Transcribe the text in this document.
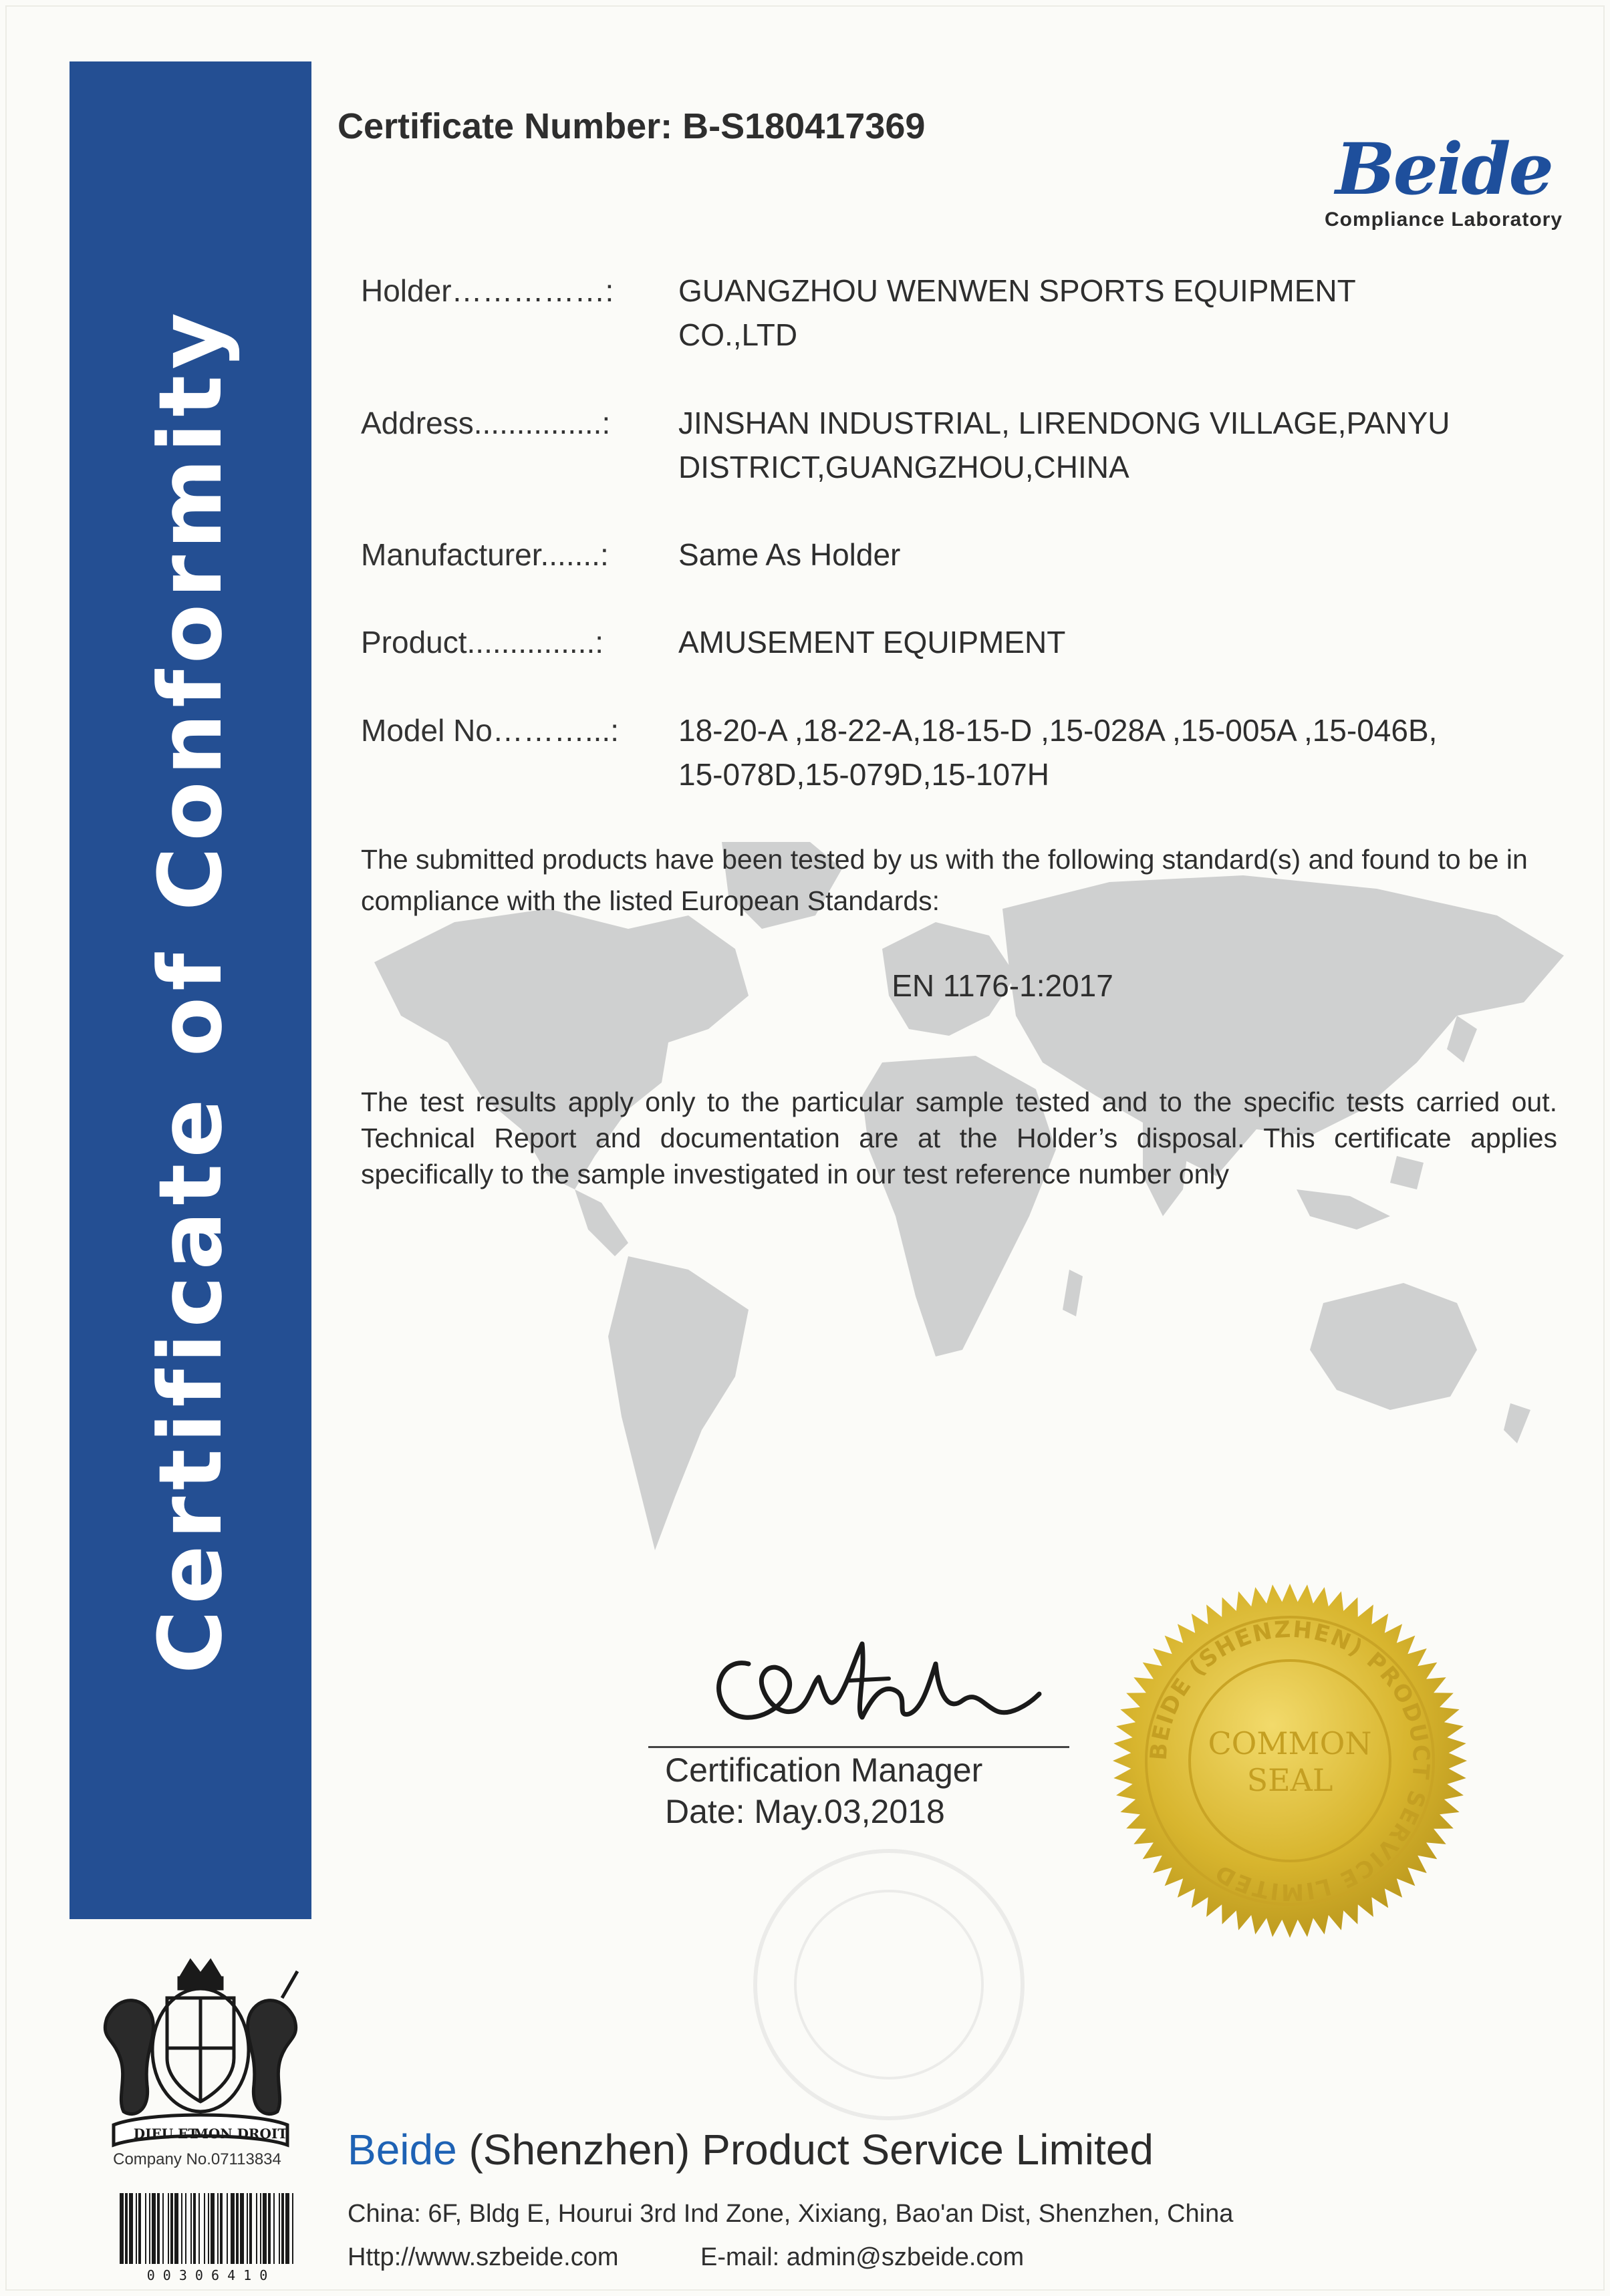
Certificate of Conformity
Certificate Number: B-S180417369
Beide
Compliance Laboratory
Holder……………:	GUANGZHOU WENWEN SPORTS EQUIPMENT
CO.,LTD
Address...............:	JINSHAN INDUSTRIAL, LIRENDONG VILLAGE,PANYU
DISTRICT,GUANGZHOU,CHINA
Manufacturer.......:	Same As Holder
Product...............:	AMUSEMENT EQUIPMENT
Model No………...:	18-20-A ,18-22-A,18-15-D ,15-028A ,15-005A ,15-046B,
15-078D,15-079D,15-107H
The submitted products have been tested by us with the following standard(s) and found to be in compliance with the listed European Standards:
EN 1176-1:2017
The test results apply only to the particular sample tested and to the specific tests carried out. Technical Report and documentation are at the Holder’s disposal. This certificate applies specifically to the sample investigated in our test reference number only
Certification Manager
Date: May.03,2018
BEIDE (SHENZHEN) PRODUCT SERVICE LIMITED
COMMON
SEAL
DIEU ET
MON DROIT
Company No.07113834
0 0 3 0 6 4 1 0
Beide (Shenzhen) Product Service Limited
China: 6F, Bldg E, Hourui 3rd Ind Zone, Xixiang, Bao'an Dist, Shenzhen, China
Http://www.szbeide.com	E-mail: admin@szbeide.com
